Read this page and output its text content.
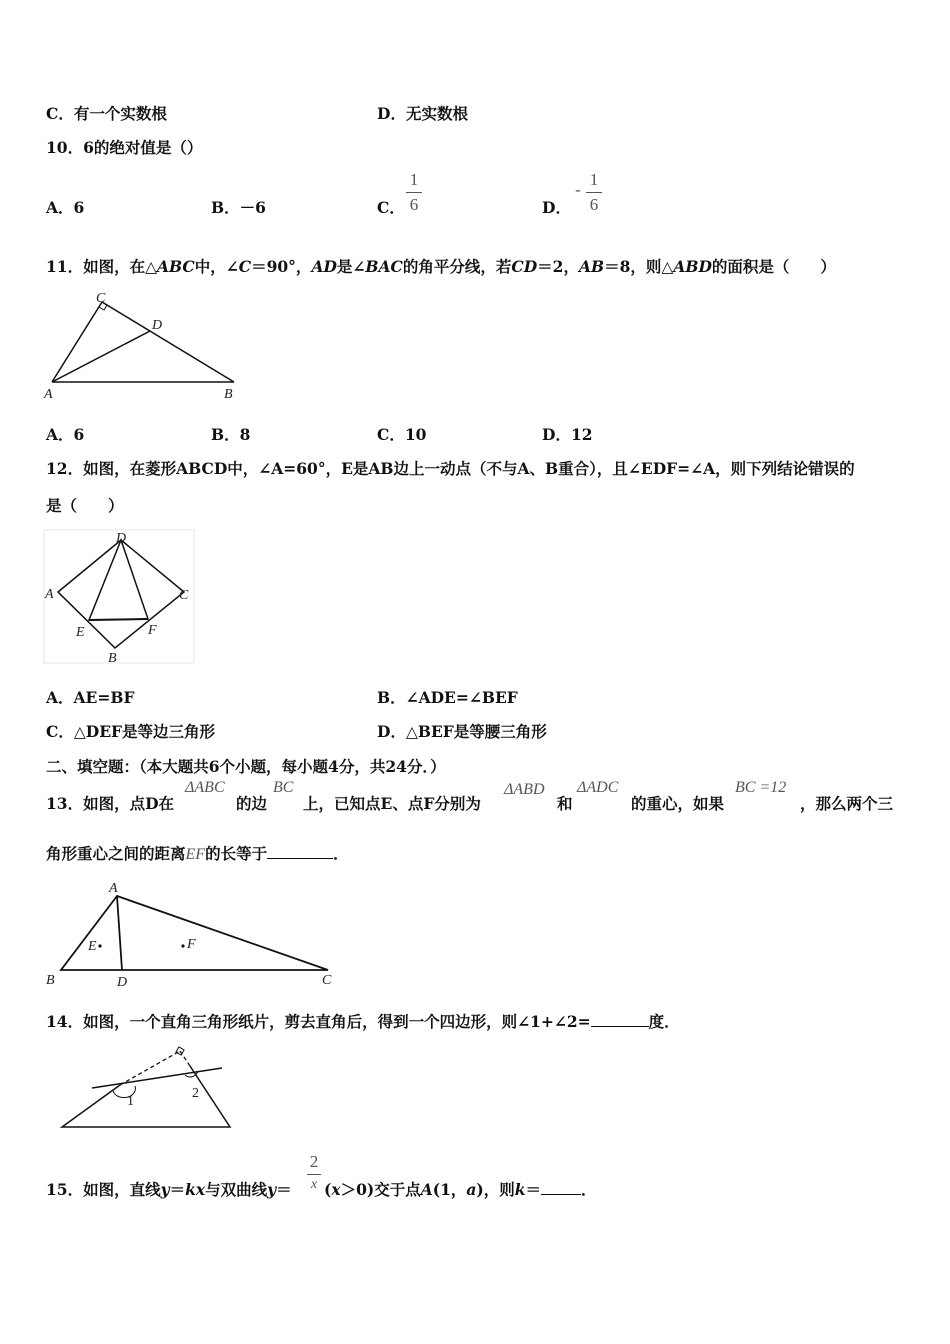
C．有一个实数根	D．无实数根
10．6的绝对值是（）
A．6	B．－6	C．
1
6	D．
-
1
6
11．如图，在△ABC中，∠C＝90°，AD是∠BAC的角平分线，若CD＝2，AB＝8，则△ABD的面积是（　　）
C
D
A	B
A．6	B．8	C．10	D．12
12．如图，在菱形ABCD中，∠A=60°，E是AB边上一动点（不与A、B重合），且∠EDF=∠A，则下列结论错误的
是（　　）
D
A	C
E	F
B
A．AE=BF	B．∠ADE=∠BEF
C．△DEF是等边三角形	D．△BEF是等腰三角形
二、填空题：（本大题共6个小题，每小题4分，共24分．）
13．如图，点D在
ΔABC
的边
BC
上，已知点E、点F分别为
ΔABD
和
ΔADC
的重心，如果
BC =12
，那么两个三
角形重心之间的距离EF的长等于	．
A
B	D	C
E	F
14．如图，一个直角三角形纸片，剪去直角后，得到一个四边形，则∠1+∠2=	度．
1
2
15．如图，直线y＝kx与双曲线y＝
2
x (x＞0)交于点A(1，a)，则k＝	．
